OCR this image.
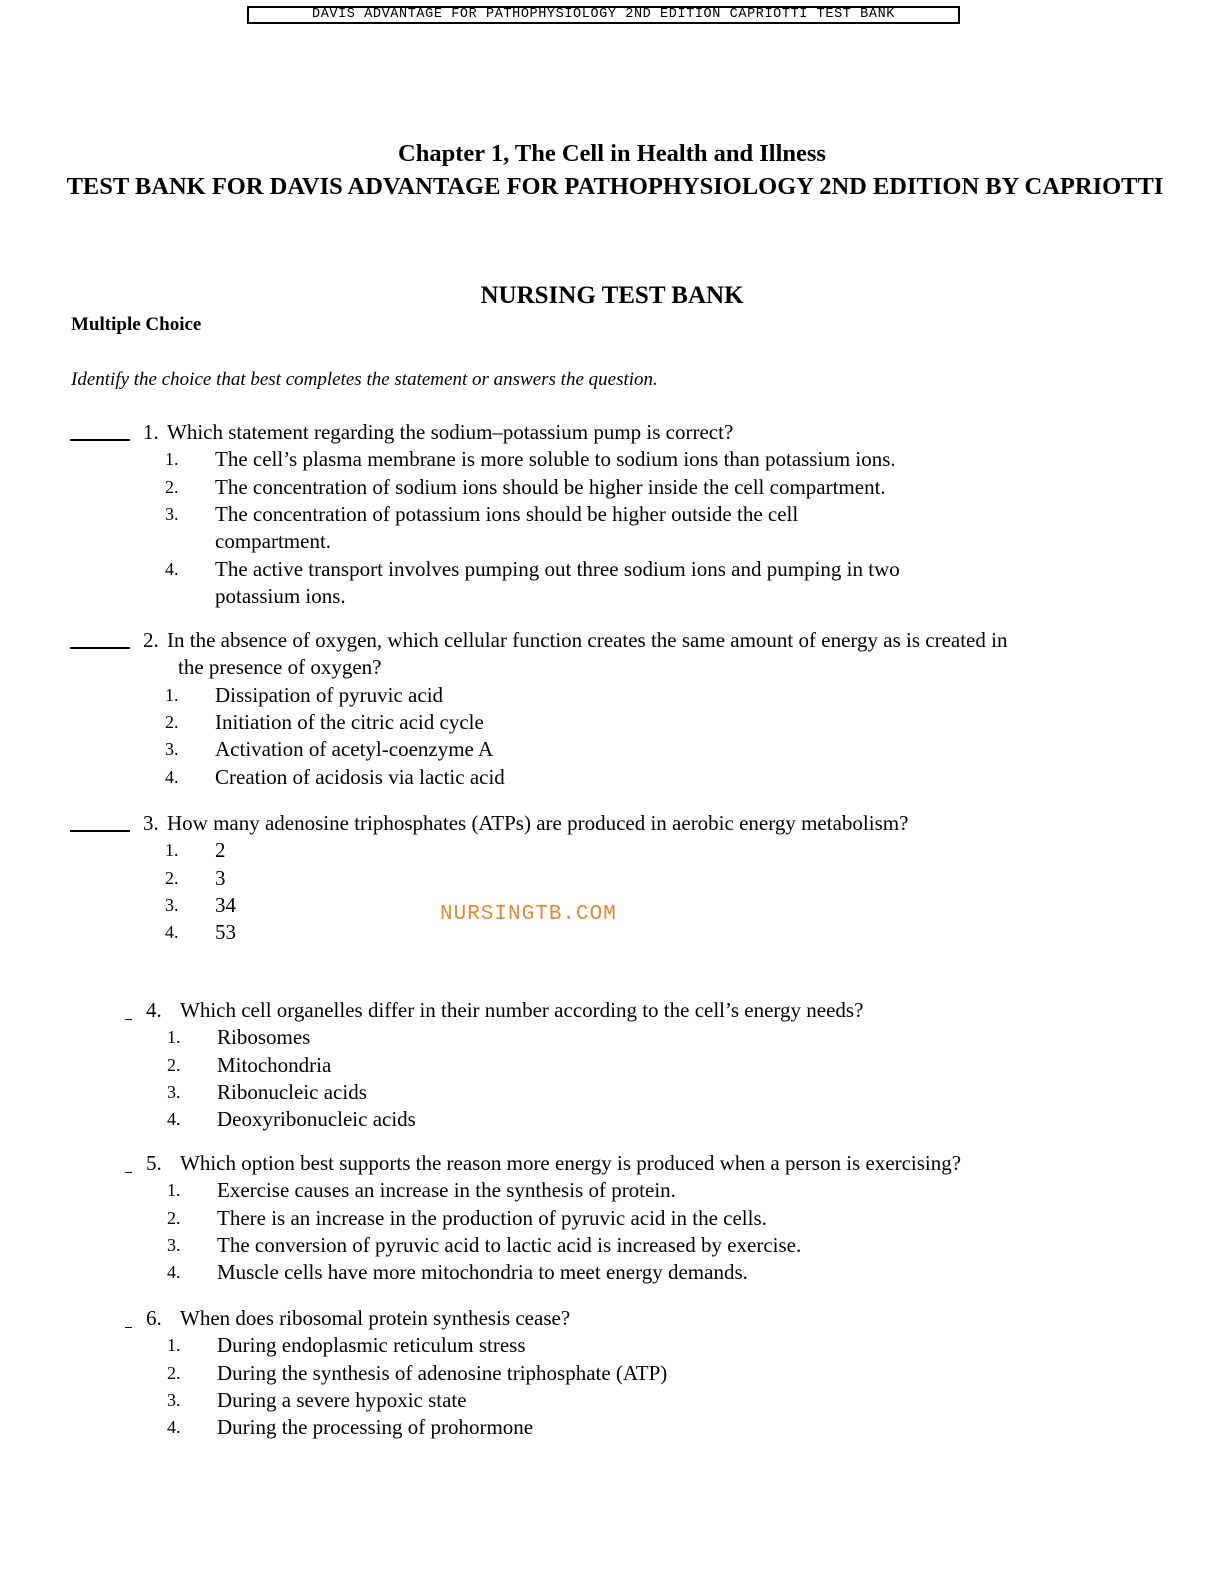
DAVIS ADVANTAGE FOR PATHOPHYSIOLOGY 2ND EDITION CAPRIOTTI TEST BANK
Chapter 1, The Cell in Health and Illness
TEST BANK FOR DAVIS ADVANTAGE FOR PATHOPHYSIOLOGY 2ND EDITION BY CAPRIOTTI
NURSING TEST BANK
Multiple Choice
Identify the choice that best completes the statement or answers the question.
1. Which statement regarding the sodium–potassium pump is correct?
1. The cell’s plasma membrane is more soluble to sodium ions than potassium ions.
2. The concentration of sodium ions should be higher inside the cell compartment.
3. The concentration of potassium ions should be higher outside the cell
compartment.
4. The active transport involves pumping out three sodium ions and pumping in two
potassium ions.
2. In the absence of oxygen, which cellular function creates the same amount of energy as is created in
the presence of oxygen?
1. Dissipation of pyruvic acid
2. Initiation of the citric acid cycle
3. Activation of acetyl-coenzyme A
4. Creation of acidosis via lactic acid
3. How many adenosine triphosphates (ATPs) are produced in aerobic energy metabolism?
1. 2
2. 3
3. 34
4. 53
4. Which cell organelles differ in their number according to the cell’s energy needs?
1. Ribosomes
2. Mitochondria
3. Ribonucleic acids
4. Deoxyribonucleic acids
5. Which option best supports the reason more energy is produced when a person is exercising?
1. Exercise causes an increase in the synthesis of protein.
2. There is an increase in the production of pyruvic acid in the cells.
3. The conversion of pyruvic acid to lactic acid is increased by exercise.
4. Muscle cells have more mitochondria to meet energy demands.
6. When does ribosomal protein synthesis cease?
1. During endoplasmic reticulum stress
2. During the synthesis of adenosine triphosphate (ATP)
3. During a severe hypoxic state
4. During the processing of prohormone
NURSINGTB.COM
